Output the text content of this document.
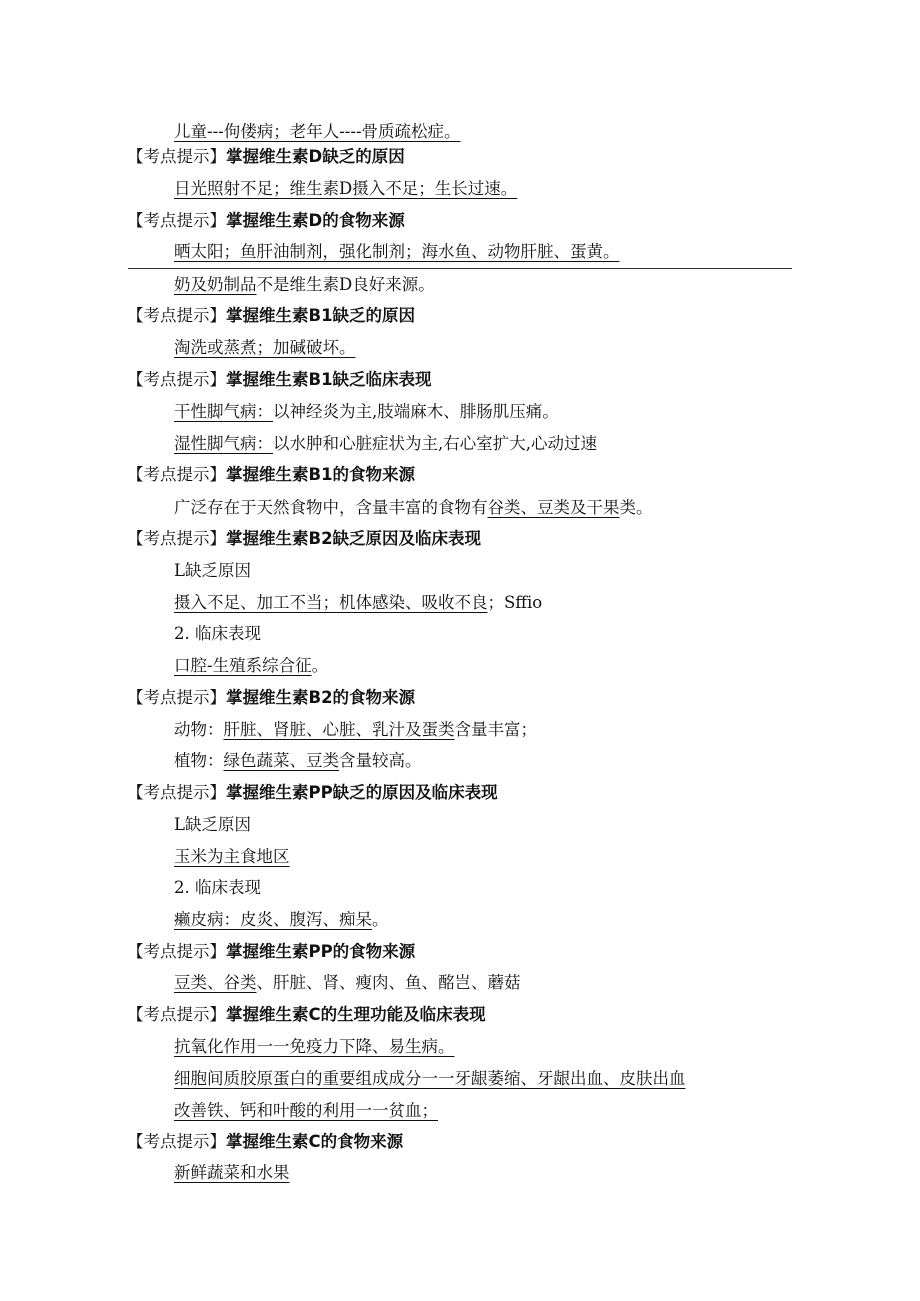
儿童---佝偻病；老年人----骨质疏松症。
【考点提示】掌握维生素D缺乏的原因
日光照射不足；维生素D摄入不足；生长过速。
【考点提示】掌握维生素D的食物来源
晒太阳；鱼肝油制剂，强化制剂；海水鱼、动物肝脏、蛋黄。
奶及奶制品不是维生素D良好来源。
【考点提示】掌握维生素B1缺乏的原因
淘洗或蒸煮；加碱破坏。
【考点提示】掌握维生素B1缺乏临床表现
干性脚气病：以神经炎为主,肢端麻木、腓肠肌压痛。
湿性脚气病：以水肿和心脏症状为主,右心室扩大,心动过速
【考点提示】掌握维生素B1的食物来源
广泛存在于天然食物中，含量丰富的食物有谷类、豆类及干果类。
【考点提示】掌握维生素B2缺乏原因及临床表现
L缺乏原因
摄入不足、加工不当；机体感染、吸收不良；Sffio
2. 临床表现
口腔-生殖系综合征。
【考点提示】掌握维生素B2的食物来源
动物：肝脏、肾脏、心脏、乳汁及蛋类含量丰富；
植物：绿色蔬菜、豆类含量较高。
【考点提示】掌握维生素PP缺乏的原因及临床表现
L缺乏原因
玉米为主食地区
2. 临床表现
癞皮病：皮炎、腹泻、痴呆。
【考点提示】掌握维生素PP的食物来源
豆类、谷类、肝脏、肾、瘦肉、鱼、酩岂、蘑菇
【考点提示】掌握维生素C的生理功能及临床表现
抗氧化作用一一免疫力下降、易生病。
细胞间质胶原蛋白的重要组成成分一一牙龈萎缩、牙龈出血、皮肤出血
改善铁、钙和叶酸的利用一一贫血；
【考点提示】掌握维生素C的食物来源
新鲜蔬菜和水果
